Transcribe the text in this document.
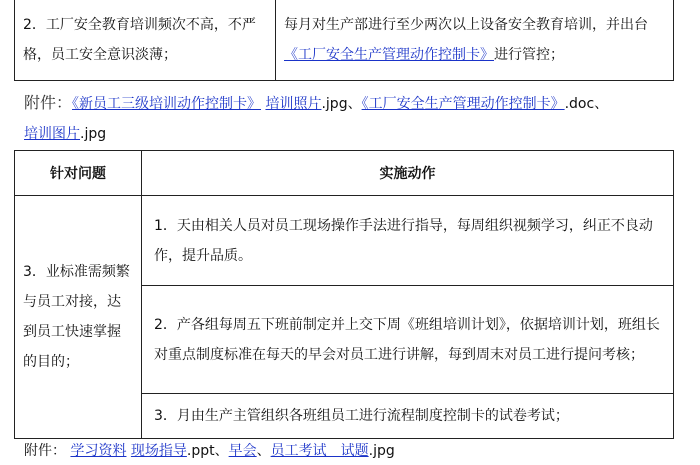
2．工厂安全教育培训频次不高，不严格，员工安全意识淡薄；	每月对生产部进行至少两次以上设备安全教育培训，并出台《工厂安全生产管理动作控制卡》进行管控；
附件：《新员工三级培训动作控制卡》 培训照片.jpg、《工厂安全生产管理动作控制卡》.doc、
培训图片.jpg
针对问题	实施动作
3．业标准需频繁与员工对接，达到员工快速掌握的目的；	1．天由相关人员对员工现场操作手法进行指导，每周组织视频学习，纠正不良动作，提升品质。
	2．产各组每周五下班前制定并上交下周《班组培训计划》，依据培训计划，班组长对重点制度标准在每天的早会对员工进行讲解，每到周末对员工进行提问考核；
	3．月由生产主管组织各班组员工进行流程制度控制卡的试卷考试；
附件： 学习资料 现场指导.ppt、早会、员工考试　试题.jpg
